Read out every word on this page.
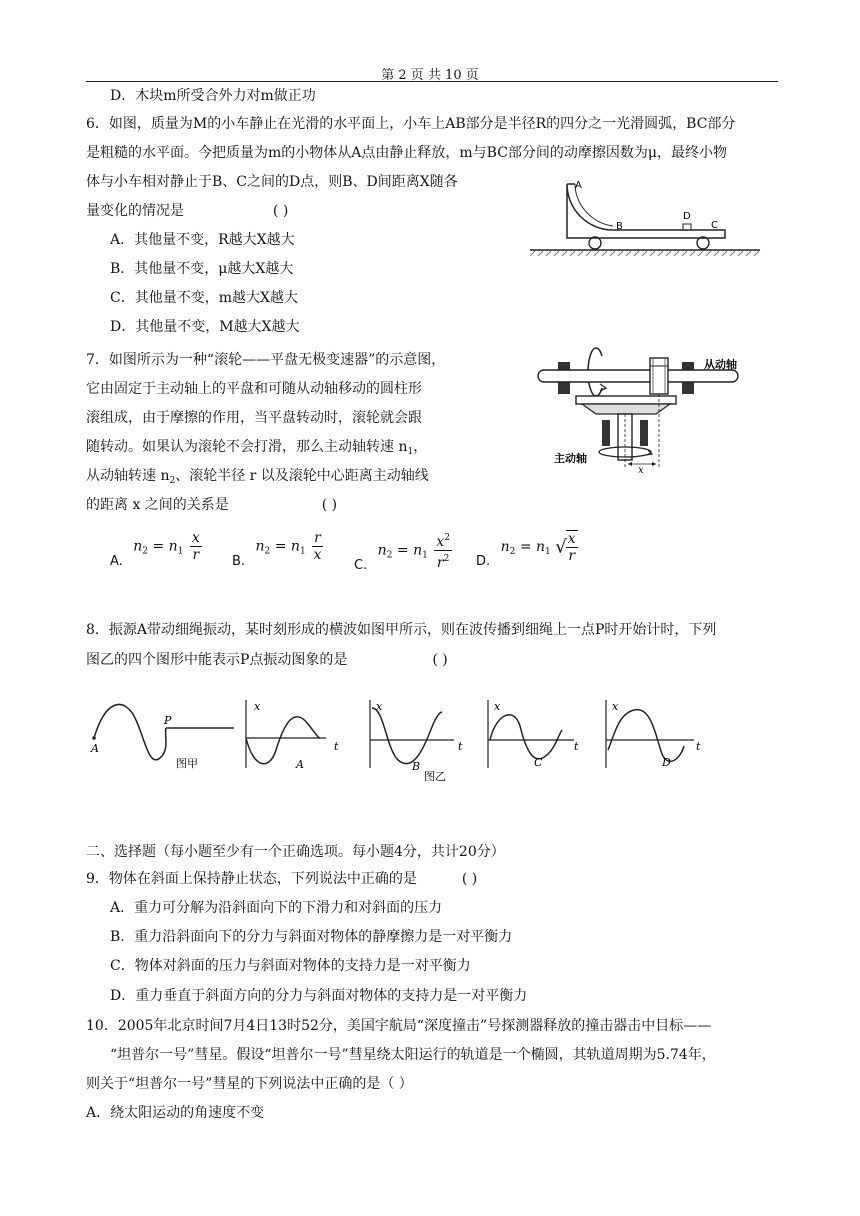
第 2 页 共 10 页
D．木块m所受合外力对m做正功
6．如图，质量为M的小车静止在光滑的水平面上，小车上AB部分是半径R的四分之一光滑圆弧，BC部分
是粗糙的水平面。今把质量为m的小物体从A点由静止释放，m与BC部分间的动摩擦因数为μ，最终小物
体与小车相对静止于B、C之间的D点，则B、D间距离X随各
量变化的情况是	( )
A．其他量不变，R越大X越大
B．其他量不变，μ越大X越大
C．其他量不变，m越大X越大
D．其他量不变，M越大X越大
A
B
D
C
7．如图所示为一种“滚轮——平盘无极变速器”的示意图，
它由固定于主动轴上的平盘和可随从动轴移动的圆柱形
滚组成，由于摩擦的作用，当平盘转动时，滚轮就会跟
随转动。如果认为滚轮不会打滑，那么主动轴转速 $n_1$，
从动轴转速 $n_2$、滚轮半径 r 以及滚轮中心距离主动轴线
的距离 x 之间的关系是	( )
x
从动轴
主动轴
A. $n_2 = n_1 \frac{x}{r} B$. $n_2 = n_1 \frac{r}{x}$
C. $n_2 = n_1 \frac{x^2}{r^2} D$. $n_2 = n_1$ √ $\frac{x}{r}$
8．振源A带动细绳振动，某时刻形成的横波如图甲所示，则在波传播到细绳上一点P时开始计时，下列
图乙的四个图形中能表示P点振动图象的是	( )
A
P
图甲
x
t
A
x
t
B
x
t
C
x
t
D
图乙
二、选择题（每小题至少有一个正确选项。每小题4分，共计20分）
9．物体在斜面上保持静止状态，下列说法中正确的是	( )
A．重力可分解为沿斜面向下的下滑力和对斜面的压力
B．重力沿斜面向下的分力与斜面对物体的静摩擦力是一对平衡力
C．物体对斜面的压力与斜面对物体的支持力是一对平衡力
D．重力垂直于斜面方向的分力与斜面对物体的支持力是一对平衡力
10．2005年北京时间7月4日13时52分，美国宇航局“深度撞击”号探测器释放的撞击器击中目标——
“坦普尔一号”彗星。假设“坦普尔一号”彗星绕太阳运行的轨道是一个椭圆，其轨道周期为5.74年，
则关于“坦普尔一号”彗星的下列说法中正确的是（ ）
A．绕太阳运动的角速度不变
